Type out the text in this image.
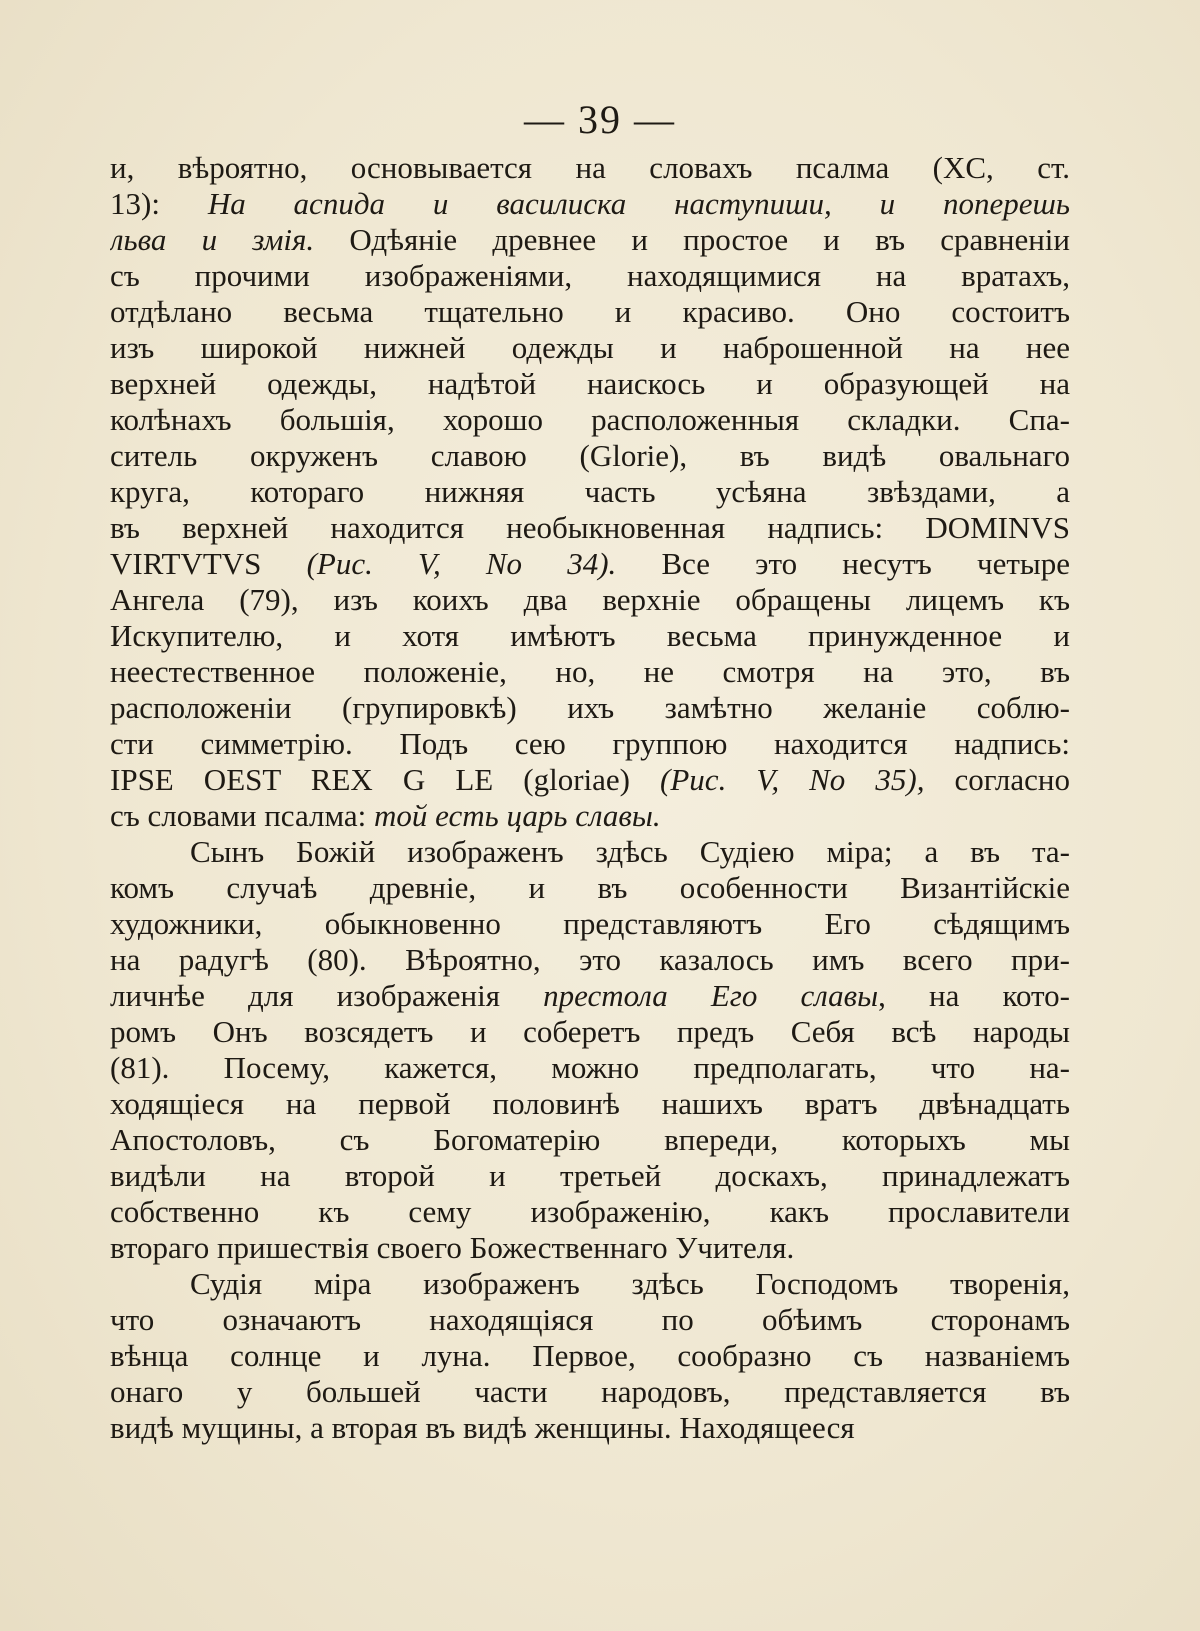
— 39 —
и, вѣроятно, основывается на словахъ псалма (XC, ст.
13): На аспида и василиска наступиши, и поперешь
льва и змія. Одѣяніе древнее и простое и въ сравненіи
съ прочими изображеніями, находящимися на вратахъ,
отдѣлано весьма тщательно и красиво. Оно состоитъ
изъ широкой нижней одежды и наброшенной на нее
верхней одежды, надѣтой наискось и образующей на
колѣнахъ большія, хорошо расположенныя складки. Спа-
ситель окруженъ славою (Glorie), въ видѣ овальнаго
круга, котораго нижняя часть усѣяна звѣздами, а
въ верхней находится необыкновенная надпись: DOMINVS
VIRTVTVS (Рис. V, No 34). Все это несутъ четыре
Ангела (79), изъ коихъ два верхніе обращены лицемъ къ
Искупителю, и хотя имѣютъ весьма принужденное и
неестественное положеніе, но, не смотря на это, въ
расположеніи (групировкѣ) ихъ замѣтно желаніе соблю-
сти симметрію. Подъ сею группою находится надпись:
IPSE OEST REX G LE (gloriae) (Рис. V, No 35), согласно
съ словами псалма: той есть царь славы.
Сынъ Божій изображенъ здѣсь Судіею міра; а въ та-
комъ случаѣ древніе, и въ особенности Византійскіе
художники, обыкновенно представляютъ Его сѣдящимъ
на радугѣ (80). Вѣроятно, это казалось имъ всего при-
личнѣе для изображенія престола Его славы, на кото-
ромъ Онъ возсядетъ и соберетъ предъ Себя всѣ народы
(81). Посему, кажется, можно предполагать, что на-
ходящіеся на первой половинѣ нашихъ вратъ двѣнадцать
Апостоловъ, съ Богоматерію впереди, которыхъ мы
видѣли на второй и третьей доскахъ, принадлежатъ
собственно къ сему изображенію, какъ прославители
втораго пришествія своего Божественнаго Учителя.
Судія міра изображенъ здѣсь Господомъ творенія,
что означаютъ находящіяся по обѣимъ сторонамъ
вѣнца солнце и луна. Первое, сообразно съ названіемъ
онаго у большей части народовъ, представляется въ
видѣ мущины, а вторая въ видѣ женщины. Находящееся
